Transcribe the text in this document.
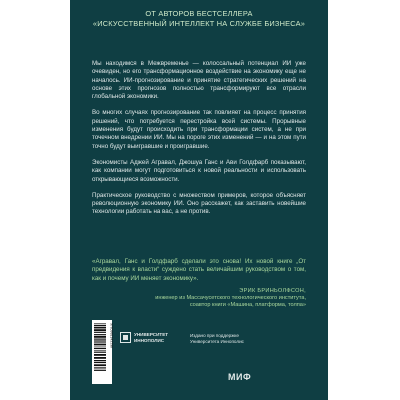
ОТ АВТОРОВ БЕСТСЕЛЛЕРА
«ИСКУССТВЕННЫЙ ИНТЕЛЛЕКТ НА СЛУЖБЕ БИЗНЕСА»

Мы находимся в Межвременье — колоссальный потенциал ИИ уже очевиден, но его трансформационное воздействие на экономику еще не началось. ИИ-прогнозирование и принятие стратегических решений на основе этих прогнозов полностью трансформируют все отрасли глобальной экономики.

Во многих случаях прогнозирование так повлияет на процесс принятия решений, что потребуется перестройка всей системы. Прорывные изменения будут происходить при трансформации систем, а не при точечном внедрении ИИ. Мы на пороге этих изменений — и на этом пути точно будут выигравшие и проигравшие.

Экономисты Аджей Агравал, Джошуа Ганс и Ави Голдфарб показывают, как компании могут подготовиться к новой реальности и использовать открывающиеся возможности.

Практическое руководство с множеством примеров, которое объясняет революционную экономику ИИ. Оно расскажет, как заставить новейшие технологии работать на вас, а не против.

«Агравал, Ганс и Голдфарб сделали это снова! Их новой книге „От предвидения к власти“ суждено стать величайшим руководством о том, как и почему ИИ меняет экономику».
ЭРИК БРИНЬОЛФСОН,
инженер из Массачусетского технологического института,
соавтор книги «Машина, платформа, толпа»
9785002143590	УНИВЕРСИТЕТ
ИННОПОЛИС
Издано при поддержке
Университета Иннополис
МИФ
